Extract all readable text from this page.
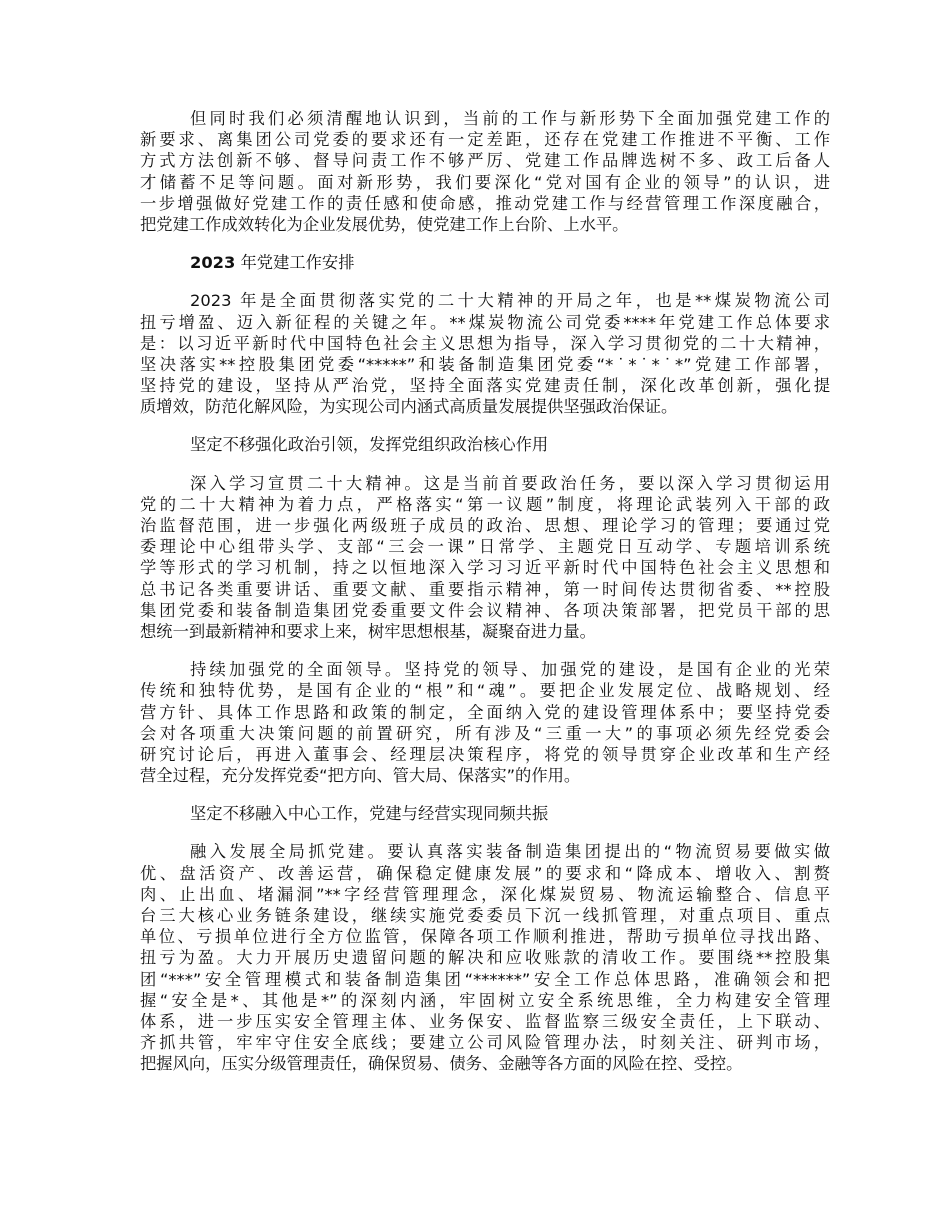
但同时我们必须清醒地认识到，当前的工作与新形势下全面加强党建工作的
新要求、离集团公司党委的要求还有一定差距，还存在党建工作推进不平衡、工作
方式方法创新不够、督导问责工作不够严厉、党建工作品牌选树不多、政工后备人
才储蓄不足等问题。面对新形势，我们要深化“党对国有企业的领导”的认识，进
一步增强做好党建工作的责任感和使命感，推动党建工作与经营管理工作深度融合，
把党建工作成效转化为企业发展优势，使党建工作上台阶、上水平。
2023 年党建工作安排
2023 年是全面贯彻落实党的二十大精神的开局之年，也是**煤炭物流公司
扭亏增盈、迈入新征程的关键之年。**煤炭物流公司党委****年党建工作总体要求
是：以习近平新时代中国特色社会主义思想为指导，深入学习贯彻党的二十大精神，
坚决落实**控股集团党委“*****”和装备制造集团党委“*˙*˙*˙*”党建工作部署，
坚持党的建设，坚持从严治党，坚持全面落实党建责任制，深化改革创新，强化提
质增效，防范化解风险，为实现公司内涵式高质量发展提供坚强政治保证。
坚定不移强化政治引领，发挥党组织政治核心作用
深入学习宣贯二十大精神。这是当前首要政治任务，要以深入学习贯彻运用
党的二十大精神为着力点，严格落实“第一议题”制度，将理论武装列入干部的政
治监督范围，进一步强化两级班子成员的政治、思想、理论学习的管理；要通过党
委理论中心组带头学、支部“三会一课”日常学、主题党日互动学、专题培训系统
学等形式的学习机制，持之以恒地深入学习习近平新时代中国特色社会主义思想和
总书记各类重要讲话、重要文献、重要指示精神，第一时间传达贯彻省委、**控股
集团党委和装备制造集团党委重要文件会议精神、各项决策部署，把党员干部的思
想统一到最新精神和要求上来，树牢思想根基，凝聚奋进力量。
持续加强党的全面领导。坚持党的领导、加强党的建设，是国有企业的光荣
传统和独特优势，是国有企业的“根”和“魂”。要把企业发展定位、战略规划、经
营方针、具体工作思路和政策的制定，全面纳入党的建设管理体系中；要坚持党委
会对各项重大决策问题的前置研究，所有涉及“三重一大”的事项必须先经党委会
研究讨论后，再进入董事会、经理层决策程序，将党的领导贯穿企业改革和生产经
营全过程，充分发挥党委“把方向、管大局、保落实”的作用。
坚定不移融入中心工作，党建与经营实现同频共振
融入发展全局抓党建。要认真落实装备制造集团提出的“物流贸易要做实做
优、盘活资产、改善运营，确保稳定健康发展”的要求和“降成本、增收入、割赘
肉、止出血、堵漏洞”**字经营管理理念，深化煤炭贸易、物流运输整合、信息平
台三大核心业务链条建设，继续实施党委委员下沉一线抓管理，对重点项目、重点
单位、亏损单位进行全方位监管，保障各项工作顺利推进，帮助亏损单位寻找出路、
扭亏为盈。大力开展历史遗留问题的解决和应收账款的清收工作。要围绕**控股集
团“***”安全管理模式和装备制造集团“******”安全工作总体思路，准确领会和把
握“安全是*、其他是*”的深刻内涵，牢固树立安全系统思维，全力构建安全管理
体系，进一步压实安全管理主体、业务保安、监督监察三级安全责任，上下联动、
齐抓共管，牢牢守住安全底线；要建立公司风险管理办法，时刻关注、研判市场，
把握风向，压实分级管理责任，确保贸易、债务、金融等各方面的风险在控、受控。
